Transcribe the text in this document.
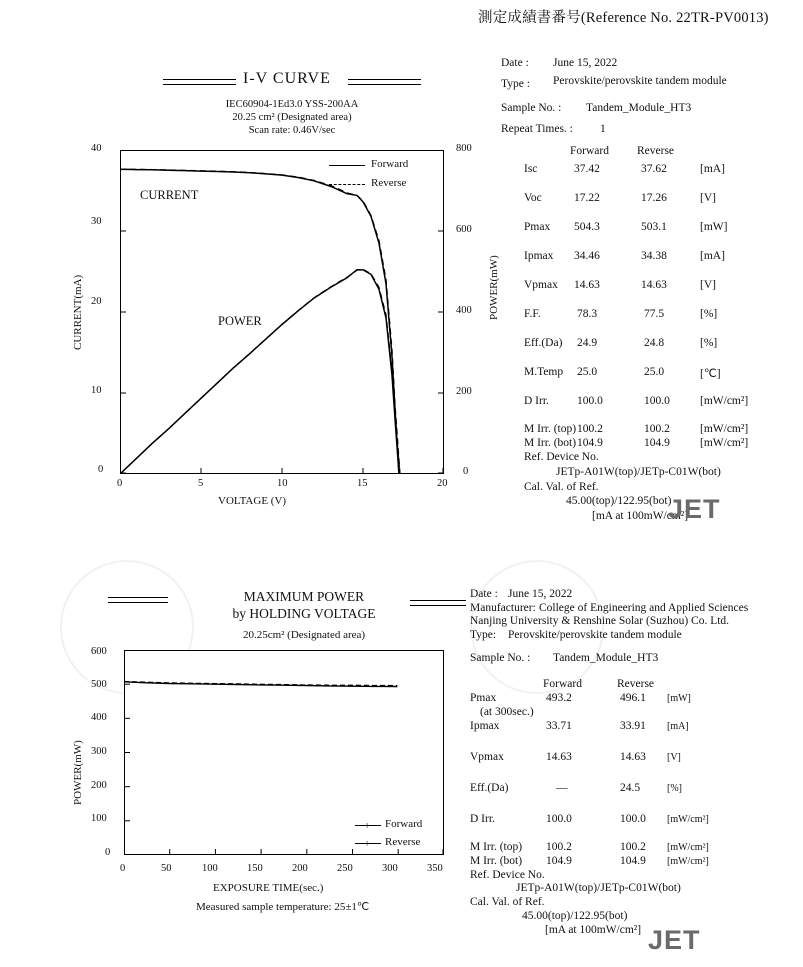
測定成績書番号(Reference No. 22TR-PV0013)
I-V CURVE
IEC60904-1Ed3.0 YSS-200AA
20.25 cm² (Designated area)
Scan rate: 0.46V/sec
CURRENT(mA)	POWER(mW)
VOLTAGE (V)
40
30
20
10
0
800
600
400
200
0
0	5	10	15	20
CURRENT
POWER
Forward
Reverse
Date : June 15, 2022
Type : Perovskite/perovskite tandem module
Sample No. : Tandem_Module_HT3
Repeat Times. : 1
Forward Reverse
Isc	37.42	37.62	[mA]
Voc	17.22	17.26	[V]
Pmax 504.3	503.1	[mW]
Ipmax 34.46	34.38	[mA]
Vpmax 14.63	14.63	[V]
F.F.	78.3	77.5	[%]
Eff.(Da) 24.9	24.8	[%]
M.Temp 25.0	25.0	[℃]
D Irr. 100.0	100.0	[mW/cm²]
M Irr. (top) 100.2	100.2	[mW/cm²]
M Irr. (bot) 104.9	104.9	[mW/cm²]
Ref. Device No.
JETp-A01W(top)/JETp-C01W(bot)
Cal. Val. of Ref.
45.00(top)/122.95(bot)
[mA at 100mW/cm²]
JET
MAXIMUM POWER
by HOLDING VOLTAGE
20.25cm² (Designated area)
POWER(mW)
EXPOSURE TIME(sec.)
Measured sample temperature: 25±1℃
600
500
400
300
200
100
0
0	50	100	150	200	250	300	350
+ Forward
+ Reverse
Date : June 15, 2022
Manufacturer: College of Engineering and Applied Sciences
Nanjing University & Renshine Solar (Suzhou) Co. Ltd.
Type: Perovskite/perovskite tandem module
Sample No. : Tandem_Module_HT3
Forward	Reverse
Pmax
(at 300sec.)
493.2	496.1 [mW]
Ipmax	33.71	33.91 [mA]
Vpmax	14.63	14.63 [V]
Eff.(Da)	—	24.5	[%]
D Irr.	100.0	100.0 [mW/cm²]
M Irr. (top) 100.2	100.2 [mW/cm²]
M Irr. (bot) 104.9	104.9 [mW/cm²]
Ref. Device No.
JETp-A01W(top)/JETp-C01W(bot)
Cal. Val. of Ref.
45.00(top)/122.95(bot)
[mA at 100mW/cm²] JET
